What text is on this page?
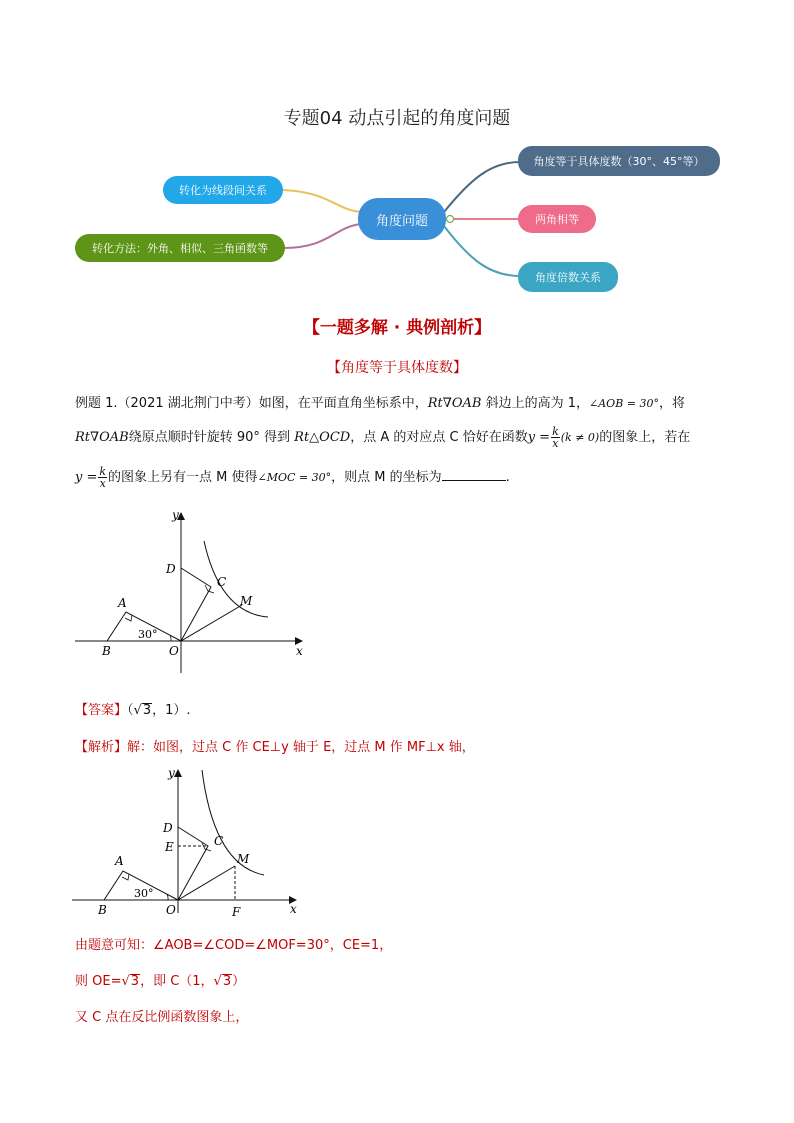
专题04 动点引起的角度问题
转化为线段间关系
转化方法：外角、相似、三角函数等
角度问题
角度等于具体度数（30°、45°等）
两角相等
角度倍数关系
【一题多解 · 典例剖析】
【角度等于具体度数】
例题 1.（2021 湖北荆门中考）如图，在平面直角坐标系中，Rt∇OAB 斜边上的高为 1，∠AOB = 30°，将
Rt∇OAB绕原点顺时针旋转 90° 得到 Rt△OCD，点 A 的对应点 C 恰好在函数$y = \frac{k}{x} (k \ne 0)$的图象上，若在
$y = \frac{k}{x}$ 的图象上另有一点 M 使得∠MOC = 30°，则点 M 的坐标为	.
y
x
D
C
M
A
B	O
30°
【答案】（√3，1）.
【解析】解：如图，过点 C 作 CE⊥y 轴于 E，过点 M 作 MF⊥x 轴，
y
x
D
E	C
M
A
B	O	F
30°
由题意可知：∠AOB=∠COD=∠MOF=30°，CE=1，
则 OE=√3，即 C（1，√3）
又 C 点在反比例函数图象上，
